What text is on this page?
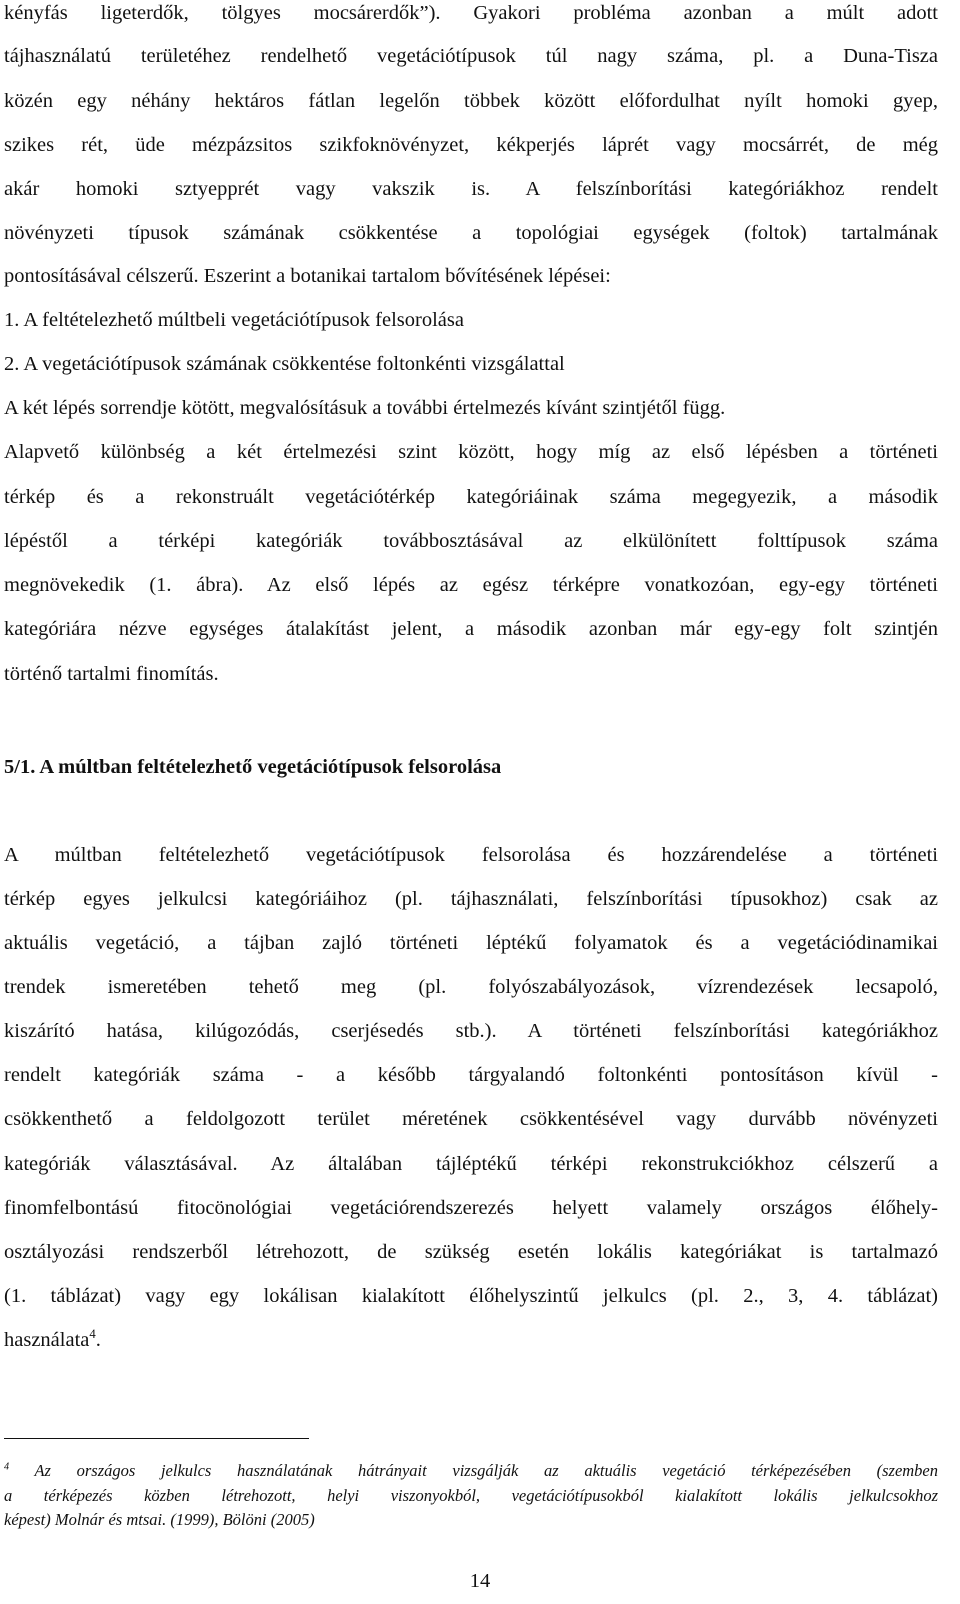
kényfás ligeterdők, tölgyes mocsárerdők”). Gyakori probléma azonban a múlt adott
tájhasználatú területéhez rendelhető vegetációtípusok túl nagy száma, pl. a Duna-Tisza
közén egy néhány hektáros fátlan legelőn többek között előfordulhat nyílt homoki gyep,
szikes rét, üde mézpázsitos szikfoknövényzet, kékperjés láprét vagy mocsárrét, de még
akár homoki sztyepprét vagy vakszik is. A felszínborítási kategóriákhoz rendelt
növényzeti típusok számának csökkentése a topológiai egységek (foltok) tartalmának
pontosításával célszerű. Eszerint a botanikai tartalom bővítésének lépései:
1. A feltételezhető múltbeli vegetációtípusok felsorolása
2. A vegetációtípusok számának csökkentése foltonkénti vizsgálattal
A két lépés sorrendje kötött, megvalósításuk a további értelmezés kívánt szintjétől függ.
Alapvető különbség a két értelmezési szint között, hogy míg az első lépésben a történeti
térkép és a rekonstruált vegetációtérkép kategóriáinak száma megegyezik, a második
lépéstől a térképi kategóriák továbbosztásával az elkülönített folttípusok száma
megnövekedik (1. ábra). Az első lépés az egész térképre vonatkozóan, egy-egy történeti
kategóriára nézve egységes átalakítást jelent, a második azonban már egy-egy folt szintjén
történő tartalmi finomítás.
5/1. A múltban feltételezhető vegetációtípusok felsorolása
A múltban feltételezhető vegetációtípusok felsorolása és hozzárendelése a történeti
térkép egyes jelkulcsi kategóriáihoz (pl. tájhasználati, felszínborítási típusokhoz) csak az
aktuális vegetáció, a tájban zajló történeti léptékű folyamatok és a vegetációdinamikai
trendek ismeretében tehető meg (pl. folyószabályozások, vízrendezések lecsapoló,
kiszárító hatása, kilúgozódás, cserjésedés stb.). A történeti felszínborítási kategóriákhoz
rendelt kategóriák száma - a később tárgyalandó foltonkénti pontosításon kívül -
csökkenthető a feldolgozott terület méretének csökkentésével vagy durvább növényzeti
kategóriák választásával. Az általában tájléptékű térképi rekonstrukciókhoz célszerű a
finomfelbontású fitocönológiai vegetációrendszerezés helyett valamely országos élőhely-
osztályozási rendszerből létrehozott, de szükség esetén lokális kategóriákat is tartalmazó
(1. táblázat) vagy egy lokálisan kialakított élőhelyszintű jelkulcs (pl. 2., 3, 4. táblázat)
használata$^4$.
$^4$ Az országos jelkulcs használatának hátrányait vizsgálják az aktuális vegetáció térképezésében (szemben
a térképezés közben létrehozott, helyi viszonyokból, vegetációtípusokból kialakított lokális jelkulcsokhoz
képest) Molnár és mtsai. (1999), Bölöni (2005)
14
